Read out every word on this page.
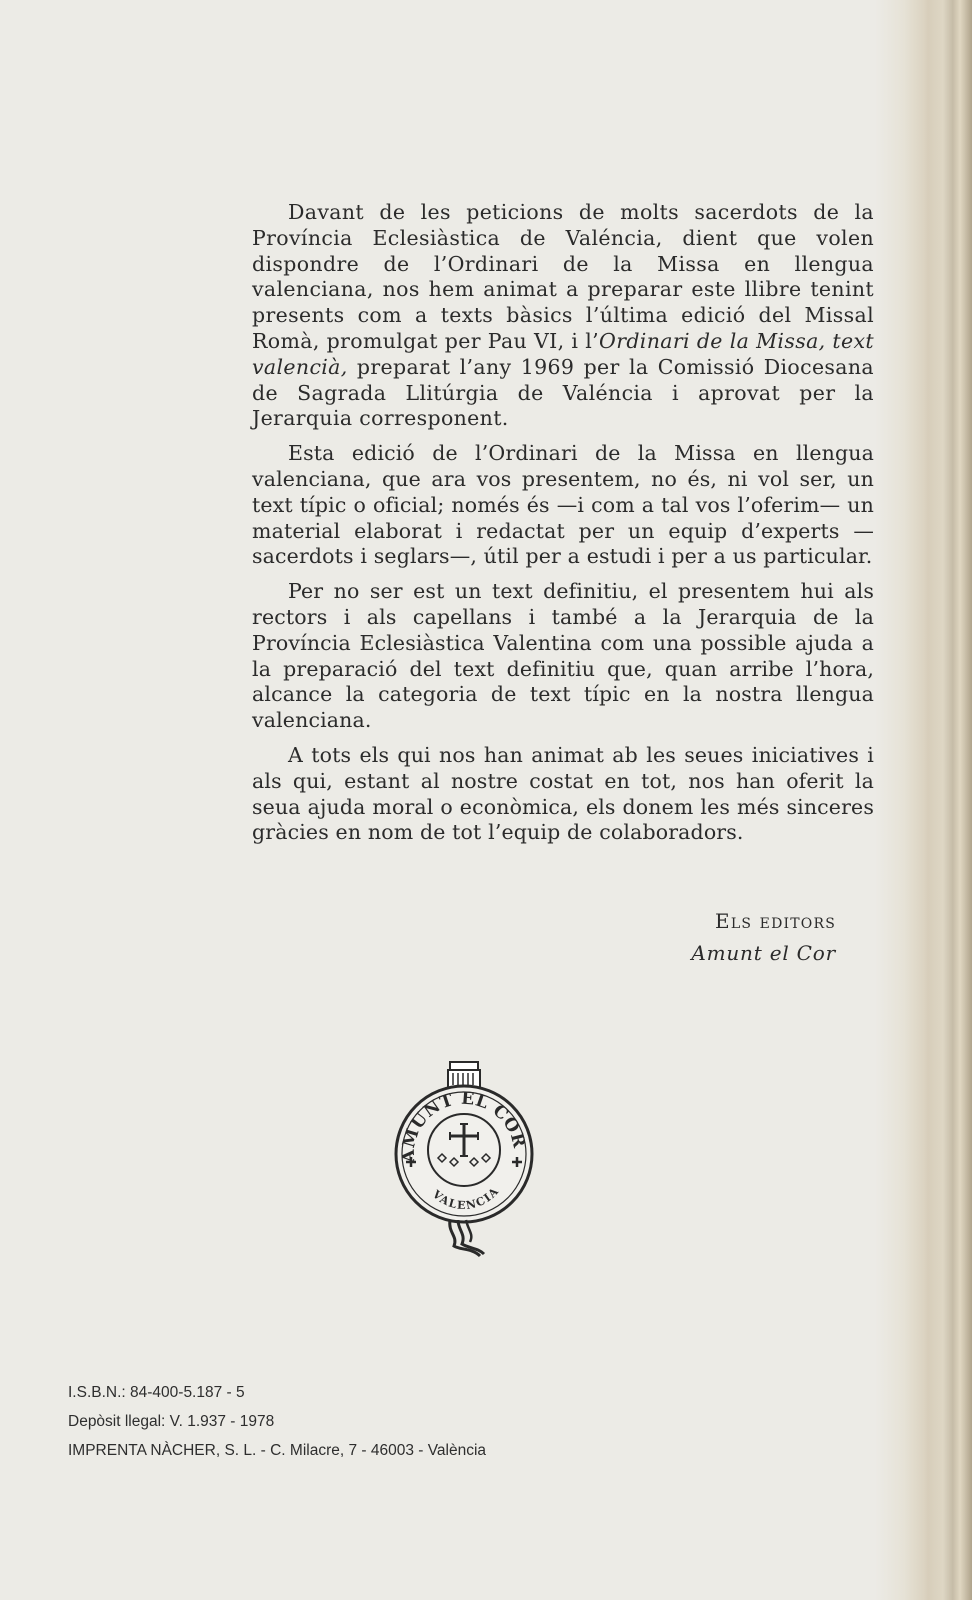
Davant de les peticions de molts sacerdots de la Província Eclesiàstica de Valéncia, dient que volen dispondre de l’Ordinari de la Missa en llengua valenciana, nos hem animat a preparar este llibre tenint presents com a texts bàsics l’última edició del Missal Romà, promulgat per Pau VI, i l’Ordinari de la Missa, text valencià, preparat l’any 1969 per la Comissió Diocesana de Sagrada Llitúrgia de Valéncia i aprovat per la Jerarquia corresponent.

Esta edició de l’Ordinari de la Missa en llengua valenciana, que ara vos presentem, no és, ni vol ser, un text típic o oficial; només és —i com a tal vos l’oferim— un material elaborat i redactat per un equip d’experts —sacerdots i seglars—, útil per a estudi i per a us particular.

Per no ser est un text definitiu, el presentem hui als rectors i als capellans i també a la Jerarquia de la Província Eclesiàstica Valentina com una possible ajuda a la preparació del text definitiu que, quan arribe l’hora, alcance la categoria de text típic en la nostra llengua valenciana.

A tots els qui nos han animat ab les seues iniciatives i als qui, estant al nostre costat en tot, nos han oferit la seua ajuda moral o econòmica, els donem les més sinceres gràcies en nom de tot l’equip de colaboradors.

Els editors
Amunt el Cor
AMUNT EL COR
VALENCIA
I.S.B.N.: 84-400-5.187 - 5
Depòsit llegal: V. 1.937 - 1978
IMPRENTA NÀCHER, S. L. - C. Milacre, 7 - 46003 - València
